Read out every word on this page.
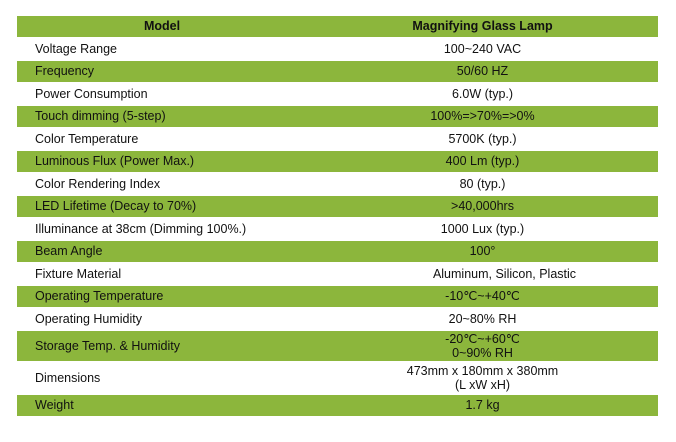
Model	Magnifying Glass Lamp
Voltage Range	100~240 VAC
Frequency	50/60 HZ
Power Consumption	6.0W (typ.)
Touch dimming (5-step)	100%=>70%=>0%
Color Temperature	5700K (typ.)
Luminous Flux (Power Max.)	400 Lm (typ.)
Color Rendering Index	80 (typ.)
LED Lifetime (Decay to 70%)	>40,000hrs
Illuminance at 38cm (Dimming 100%.)	1000 Lux (typ.)
Beam Angle	100°
Fixture Material	Aluminum, Silicon, Plastic
Operating Temperature	-10℃~+40℃
Operating Humidity	20~80% RH
Storage Temp. & Humidity	-20℃~+60℃
0~90% RH
Dimensions	473mm x 180mm x 380mm
(L xW xH)
Weight	1.7 kg
